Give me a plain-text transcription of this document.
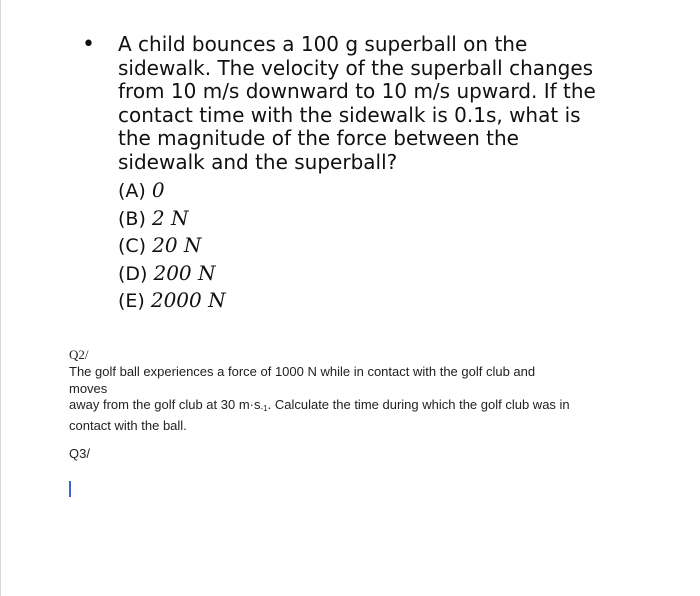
• A child bounces a 100 g superball on the sidewalk. The velocity of the superball changes from 10 m/s downward to 10 m/s upward. If the contact time with the sidewalk is 0.1s, what is the magnitude of the force between the sidewalk and the superball?
(A) 0
(B) 2 N
(C) 20 N
(D) 200 N
(E) 2000 N
Q2/
The golf ball experiences a force of 1000 N while in contact with the golf club and
moves
away from the golf club at 30 $m\cdot s_{-1}$. Calculate the time during which the golf club was in
contact with the ball.
Q3/
